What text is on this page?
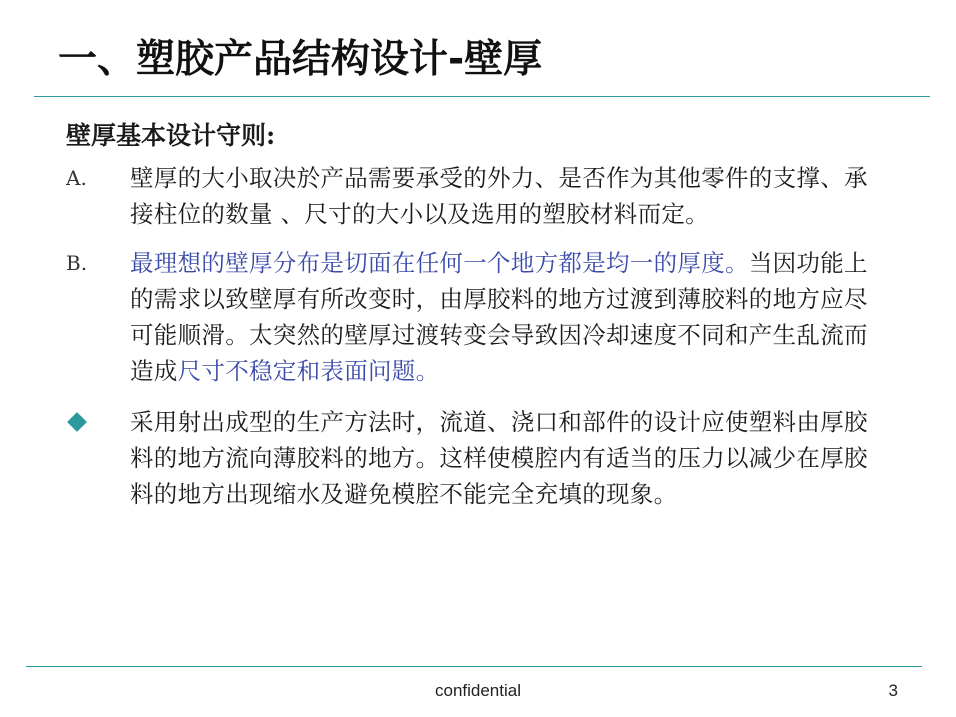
一、塑胶产品结构设计-壁厚
壁厚基本设计守则:
A. 壁厚的大小取决於产品需要承受的外力、是否作为其他零件的支撑、承接柱位的数量 、尺寸的大小以及选用的塑胶材料而定。
B. 最理想的壁厚分布是切面在任何一个地方都是均一的厚度。当因功能上的需求以致壁厚有所改变时，由厚胶料的地方过渡到薄胶料的地方应尽可能顺滑。太突然的壁厚过渡转变会导致因冷却速度不同和产生乱流而造成尺寸不稳定和表面问题。
采用射出成型的生产方法时，流道、浇口和部件的设计应使塑料由厚胶料的地方流向薄胶料的地方。这样使模腔内有适当的压力以减少在厚胶料的地方出现缩水及避免模腔不能完全充填的现象。
confidential	3
